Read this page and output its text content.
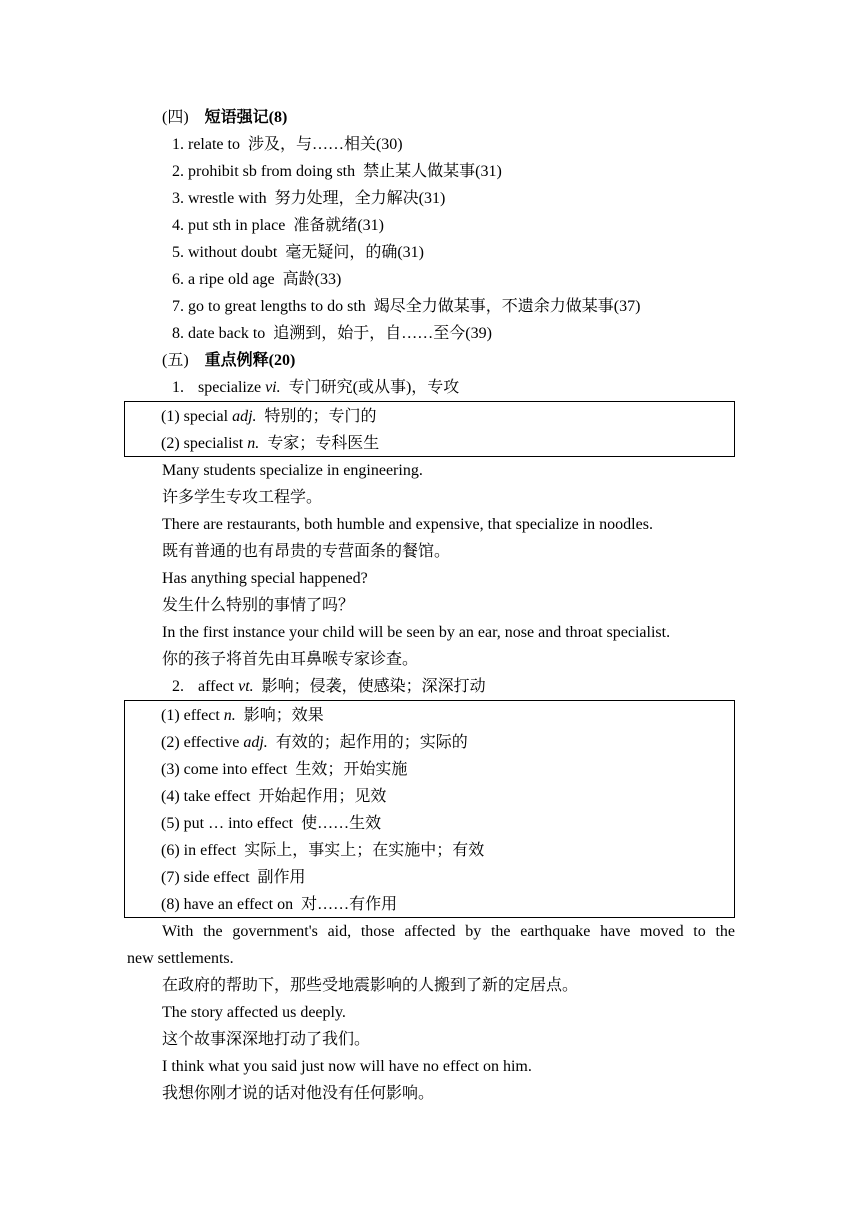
(四) 短语强记(8)
1. relate to 涉及，与……相关(30)
2. prohibit sb from doing sth 禁止某人做某事(31)
3. wrestle with 努力处理，全力解决(31)
4. put sth in place 准备就绪(31)
5. without doubt 毫无疑问，的确(31)
6. a ripe old age 高龄(33)
7. go to great lengths to do sth 竭尽全力做某事，不遗余力做某事(37)
8. date back to 追溯到，始于，自……至今(39)
(五) 重点例释(20)
1. specialize vi. 专门研究(或从事)，专攻
(1) special adj. 特别的；专门的
(2) specialist n. 专家；专科医生
Many students specialize in engineering.
许多学生专攻工程学。
There are restaurants, both humble and expensive, that specialize in noodles.
既有普通的也有昂贵的专营面条的餐馆。
Has anything special happened?
发生什么特别的事情了吗？
In the first instance your child will be seen by an ear, nose and throat specialist.
你的孩子将首先由耳鼻喉专家诊查。
2. affect vt. 影响；侵袭，使感染；深深打动
(1) effect n. 影响；效果
(2) effective adj. 有效的；起作用的；实际的
(3) come into effect 生效；开始实施
(4) take effect 开始起作用；见效
(5) put … into effect 使……生效
(6) in effect 实际上，事实上；在实施中；有效
(7) side effect 副作用
(8) have an effect on 对……有作用
With the government's aid, those affected by the earthquake have moved to the
new settlements.
在政府的帮助下，那些受地震影响的人搬到了新的定居点。
The story affected us deeply.
这个故事深深地打动了我们。
I think what you said just now will have no effect on him.
我想你刚才说的话对他没有任何影响。
